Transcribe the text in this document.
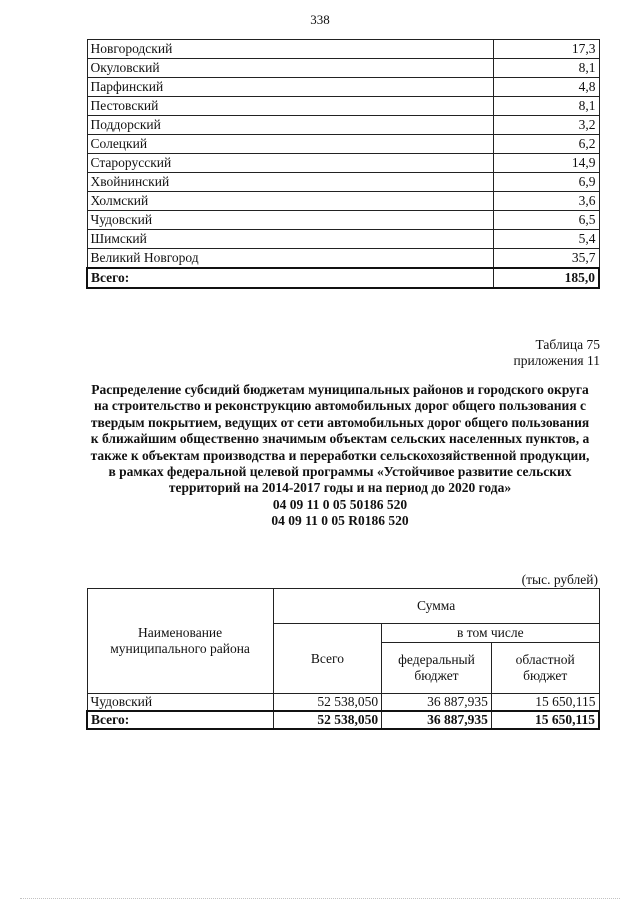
338
Новгородский	17,3
Окуловский	8,1
Парфинский	4,8
Пестовский	8,1
Поддорский	3,2
Солецкий	6,2
Старорусский	14,9
Хвойнинский	6,9
Холмский	3,6
Чудовский	6,5
Шимский	5,4
Великий Новгород	35,7
Всего:	185,0
Таблица 75
приложения 11
Распределение субсидий бюджетам муниципальных районов и городского округа на строительство и реконструкцию автомобильных дорог общего пользования с твердым покрытием, ведущих от сети автомобильных дорог общего пользования к ближайшим общественно значимым объектам сельских населенных пунктов, а также к объектам производства и переработки сельскохозяйственной продукции, в рамках федеральной целевой программы «Устойчивое развитие сельских территорий на 2014-2017 годы и на период до 2020 года»
04 09 11 0 05 50186 520
04 09 11 0 05 R0186 520
(тыс. рублей)
Наименование муниципального района	Сумма		
	Всего	в том числе	
		федеральный бюджет	областной бюджет
Чудовский	52 538,050	36 887,935	15 650,115
Всего:	52 538,050	36 887,935	15 650,115
